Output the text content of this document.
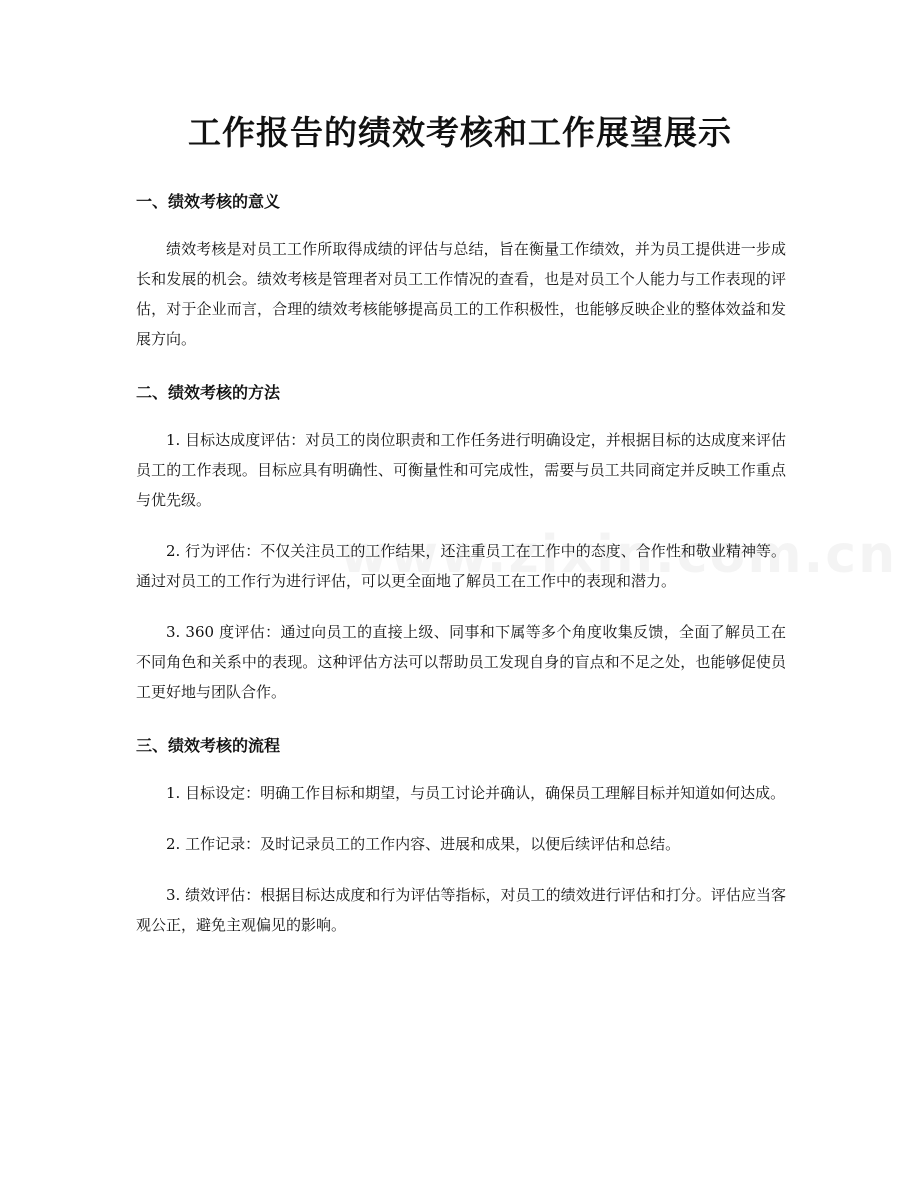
工作报告的绩效考核和工作展望展示
一、绩效考核的意义

绩效考核是对员工工作所取得成绩的评估与总结，旨在衡量工作绩效，并为员工提供进一步成长和发展的机会。绩效考核是管理者对员工工作情况的查看，也是对员工个人能力与工作表现的评估，对于企业而言，合理的绩效考核能够提高员工的工作积极性，也能够反映企业的整体效益和发展方向。

二、绩效考核的方法

1. 目标达成度评估：对员工的岗位职责和工作任务进行明确设定，并根据目标的达成度来评估员工的工作表现。目标应具有明确性、可衡量性和可完成性，需要与员工共同商定并反映工作重点与优先级。

2. 行为评估：不仅关注员工的工作结果，还注重员工在工作中的态度、合作性和敬业精神等。通过对员工的工作行为进行评估，可以更全面地了解员工在工作中的表现和潜力。

3. 360 度评估：通过向员工的直接上级、同事和下属等多个角度收集反馈，全面了解员工在不同角色和关系中的表现。这种评估方法可以帮助员工发现自身的盲点和不足之处，也能够促使员工更好地与团队合作。

三、绩效考核的流程

1. 目标设定：明确工作目标和期望，与员工讨论并确认，确保员工理解目标并知道如何达成。

2. 工作记录：及时记录员工的工作内容、进展和成果，以便后续评估和总结。

3. 绩效评估：根据目标达成度和行为评估等指标，对员工的绩效进行评估和打分。评估应当客观公正，避免主观偏见的影响。
